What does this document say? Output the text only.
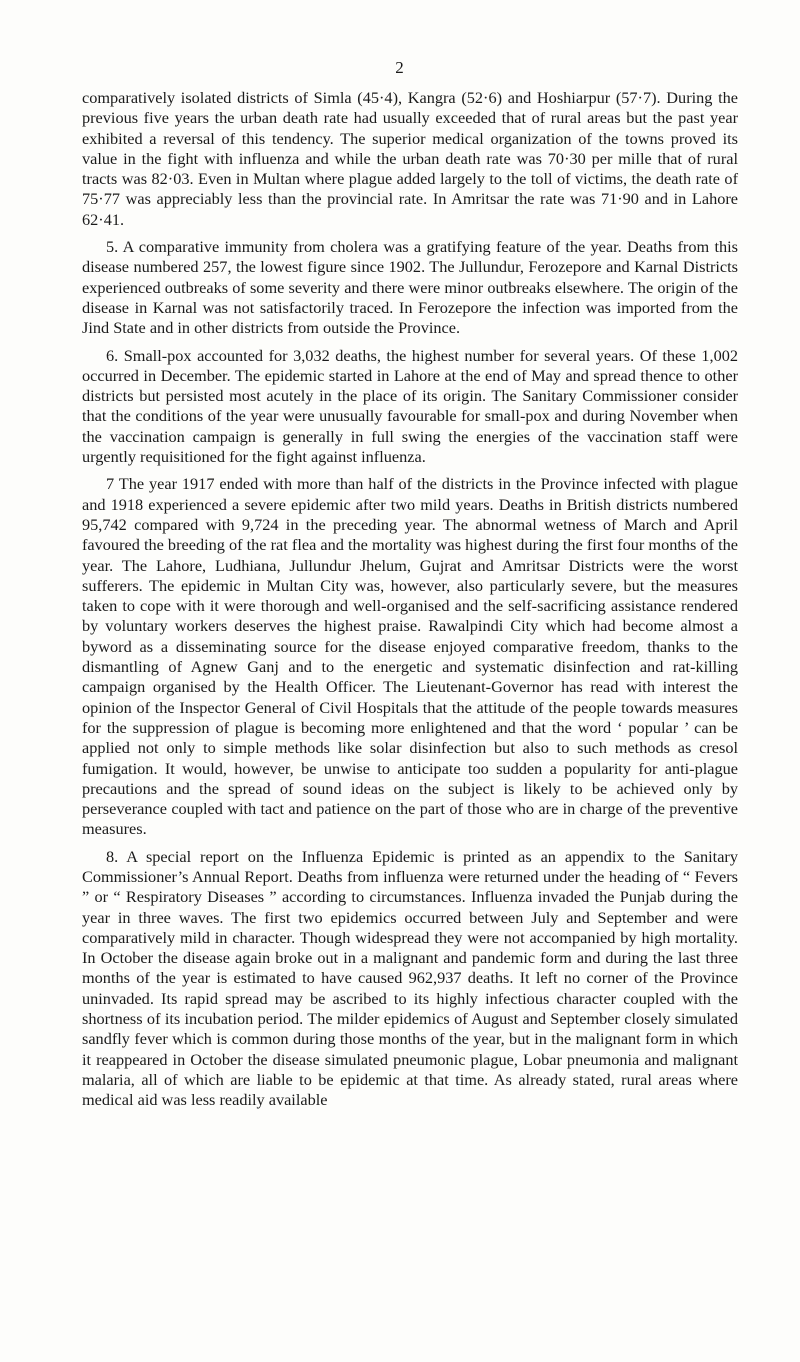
2

comparatively isolated districts of Simla (45·4), Kangra (52·6) and Hoshiarpur (57·7). During the previous five years the urban death rate had usually exceeded that of rural areas but the past year exhibited a reversal of this tendency. The superior medical organization of the towns proved its value in the fight with influenza and while the urban death rate was 70·30 per mille that of rural tracts was 82·03. Even in Multan where plague added largely to the toll of victims, the death rate of 75·77 was appreciably less than the provincial rate. In Amritsar the rate was 71·90 and in Lahore 62·41.

5. A comparative immunity from cholera was a gratifying feature of the year. Deaths from this disease numbered 257, the lowest figure since 1902. The Jullundur, Ferozepore and Karnal Districts experienced outbreaks of some severity and there were minor outbreaks elsewhere. The origin of the disease in Karnal was not satisfactorily traced. In Ferozepore the infection was imported from the Jind State and in other districts from outside the Province.

6. Small-pox accounted for 3,032 deaths, the highest number for several years. Of these 1,002 occurred in December. The epidemic started in Lahore at the end of May and spread thence to other districts but persisted most acutely in the place of its origin. The Sanitary Commissioner consider that the conditions of the year were unusually favourable for small-pox and during November when the vaccination campaign is generally in full swing the energies of the vaccination staff were urgently requisitioned for the fight against influenza.

7 The year 1917 ended with more than half of the districts in the Province infected with plague and 1918 experienced a severe epidemic after two mild years. Deaths in British districts numbered 95,742 compared with 9,724 in the preceding year. The abnormal wetness of March and April favoured the breeding of the rat flea and the mortality was highest during the first four months of the year. The Lahore, Ludhiana, Jullundur Jhelum, Gujrat and Amritsar Districts were the worst sufferers. The epidemic in Multan City was, however, also particularly severe, but the measures taken to cope with it were thorough and well-organised and the self-sacrificing assistance rendered by voluntary workers deserves the highest praise. Rawalpindi City which had become almost a byword as a disseminating source for the disease enjoyed comparative freedom, thanks to the dismantling of Agnew Ganj and to the energetic and systematic disinfection and rat-killing campaign organised by the Health Officer. The Lieutenant-Governor has read with interest the opinion of the Inspector General of Civil Hospitals that the attitude of the people towards measures for the suppression of plague is becoming more enlightened and that the word ‘ popular ’ can be applied not only to simple methods like solar disinfection but also to such methods as cresol fumigation. It would, however, be unwise to anticipate too sudden a popularity for anti-plague precautions and the spread of sound ideas on the subject is likely to be achieved only by perseverance coupled with tact and patience on the part of those who are in charge of the preventive measures.

8. A special report on the Influenza Epidemic is printed as an appendix to the Sanitary Commissioner’s Annual Report. Deaths from influenza were returned under the heading of “ Fevers ” or “ Respiratory Diseases ” according to circumstances. Influenza invaded the Punjab during the year in three waves. The first two epidemics occurred between July and September and were comparatively mild in character. Though widespread they were not accompanied by high mortality. In October the disease again broke out in a malignant and pandemic form and during the last three months of the year is estimated to have caused 962,937 deaths. It left no corner of the Province uninvaded. Its rapid spread may be ascribed to its highly infectious character coupled with the shortness of its incubation period. The milder epidemics of August and September closely simulated sandfly fever which is common during those months of the year, but in the malignant form in which it reappeared in October the disease simulated pneumonic plague, Lobar pneumonia and malignant malaria, all of which are liable to be epidemic at that time. As already stated, rural areas where medical aid was less readily available
